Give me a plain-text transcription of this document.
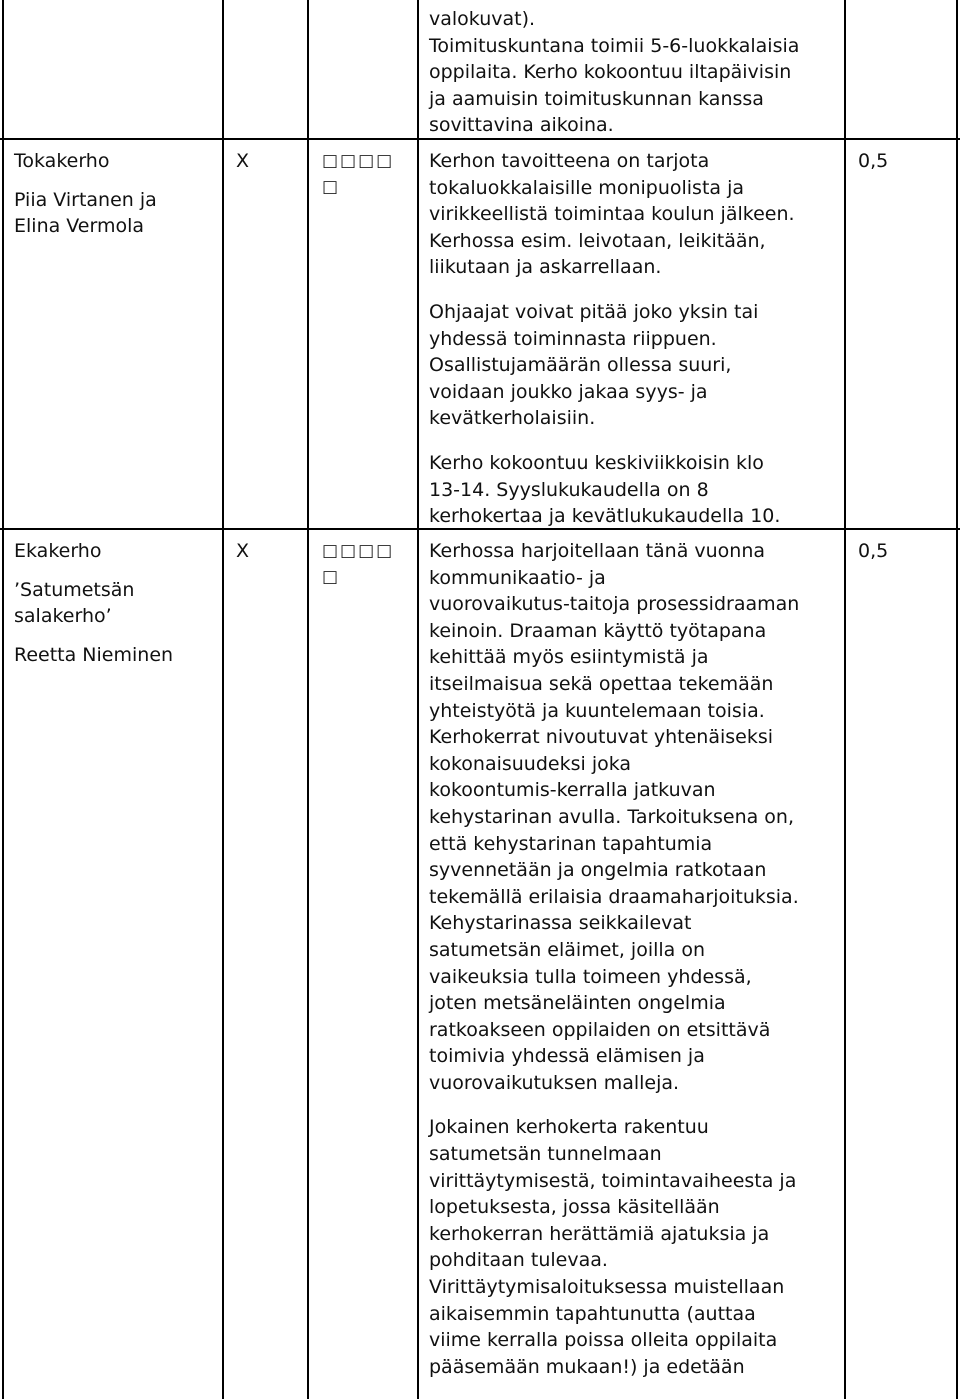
valokuvat).
Toimituskuntana toimii 5-6-luokkalaisia
oppilaita. Kerho kokoontuu iltapäivisin
ja aamuisin toimituskunnan kanssa
sovittavina aikoina.
Tokakerho
Piia Virtanen ja
Elina Vermola
X	□□□□
□
Kerhon tavoitteena on tarjota
tokaluokkalaisille monipuolista ja
virikkeellistä toimintaa koulun jälkeen.
Kerhossa esim. leivotaan, leikitään,
liikutaan ja askarrellaan.
Ohjaajat voivat pitää joko yksin tai
yhdessä toiminnasta riippuen.
Osallistujamäärän ollessa suuri,
voidaan joukko jakaa syys- ja
kevätkerholaisiin.
Kerho kokoontuu keskiviikkoisin klo
13-14. Syyslukukaudella on 8
kerhokertaa ja kevätlukukaudella 10.
0,5
Ekakerho
’Satumetsän
salakerho’
Reetta Nieminen
X	□□□□
□
Kerhossa harjoitellaan tänä vuonna
kommunikaatio- ja
vuorovaikutus-taitoja prosessidraaman
keinoin. Draaman käyttö työtapana
kehittää myös esiintymistä ja
itseilmaisua sekä opettaa tekemään
yhteistyötä ja kuuntelemaan toisia.
Kerhokerrat nivoutuvat yhtenäiseksi
kokonaisuudeksi joka
kokoontumis-kerralla jatkuvan
kehystarinan avulla. Tarkoituksena on,
että kehystarinan tapahtumia
syvennetään ja ongelmia ratkotaan
tekemällä erilaisia draamaharjoituksia.
Kehystarinassa seikkailevat
satumetsän eläimet, joilla on
vaikeuksia tulla toimeen yhdessä,
joten metsäneläinten ongelmia
ratkoakseen oppilaiden on etsittävä
toimivia yhdessä elämisen ja
vuorovaikutuksen malleja.
Jokainen kerhokerta rakentuu
satumetsän tunnelmaan
virittäytymisestä, toimintavaiheesta ja
lopetuksesta, jossa käsitellään
kerhokerran herättämiä ajatuksia ja
pohditaan tulevaa.
Virittäytymisaloituksessa muistellaan
aikaisemmin tapahtunutta (auttaa
viime kerralla poissa olleita oppilaita
pääsemään mukaan!) ja edetään
0,5
